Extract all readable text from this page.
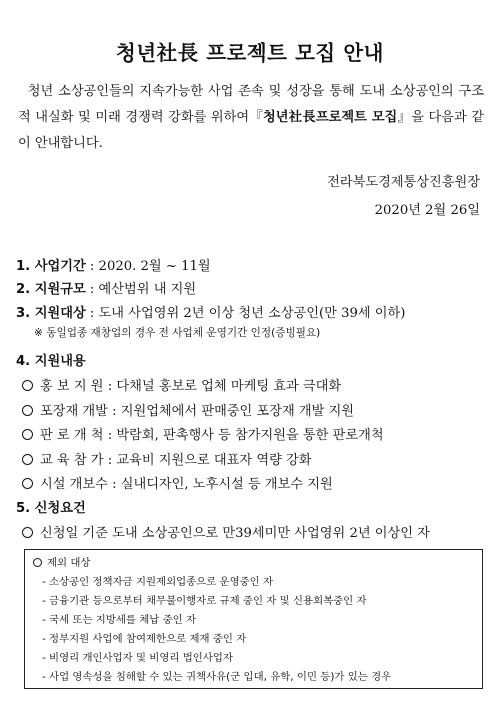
청년社長 프로젝트 모집 안내
청년 소상공인들의 지속가능한 사업 존속 및 성장을 통해 도내 소상공인의 구조적 내실화 및 미래 경쟁력 강화를 위하여『청년社長프로젝트 모집』을 다음과 같이 안내합니다.
전라북도경제통상진흥원장
2020년 2월 26일
1. 사업기간 : 2020. 2월 ~ 11월
2. 지원규모 : 예산범위 내 지원
3. 지원대상 : 도내 사업영위 2년 이상 청년 소상공인(만 39세 이하)
※ 동일업종 재창업의 경우 전 사업체 운영기간 인정(증빙필요)
4. 지원내용
홍 보 지 원 : 다채널 홍보로 업체 마케팅 효과 극대화
포장재 개발 : 지원업체에서 판매중인 포장재 개발 지원
판 로 개 척 : 박람회, 판촉행사 등 참가지원을 통한 판로개척
교 육 참 가 : 교육비 지원으로 대표자 역량 강화
시설 개보수 : 실내디자인, 노후시설 등 개보수 지원
5. 신청요건
신청일 기준 도내 소상공인으로 만39세미만 사업영위 2년 이상인 자
제외 대상
- 소상공인 정책자금 지원제외업종으로 운영중인 자
- 금융기관 등으로부터 채무불이행자로 규제 중인 자 및 신용회복중인 자
- 국세 또는 지방세를 체납 중인 자
- 정부지원 사업에 참여제한으로 제재 중인 자
- 비영리 개인사업자 및 비영리 법인사업자
- 사업 영속성을 침해할 수 있는 귀책사유(군 입대, 유학, 이민 등)가 있는 경우
